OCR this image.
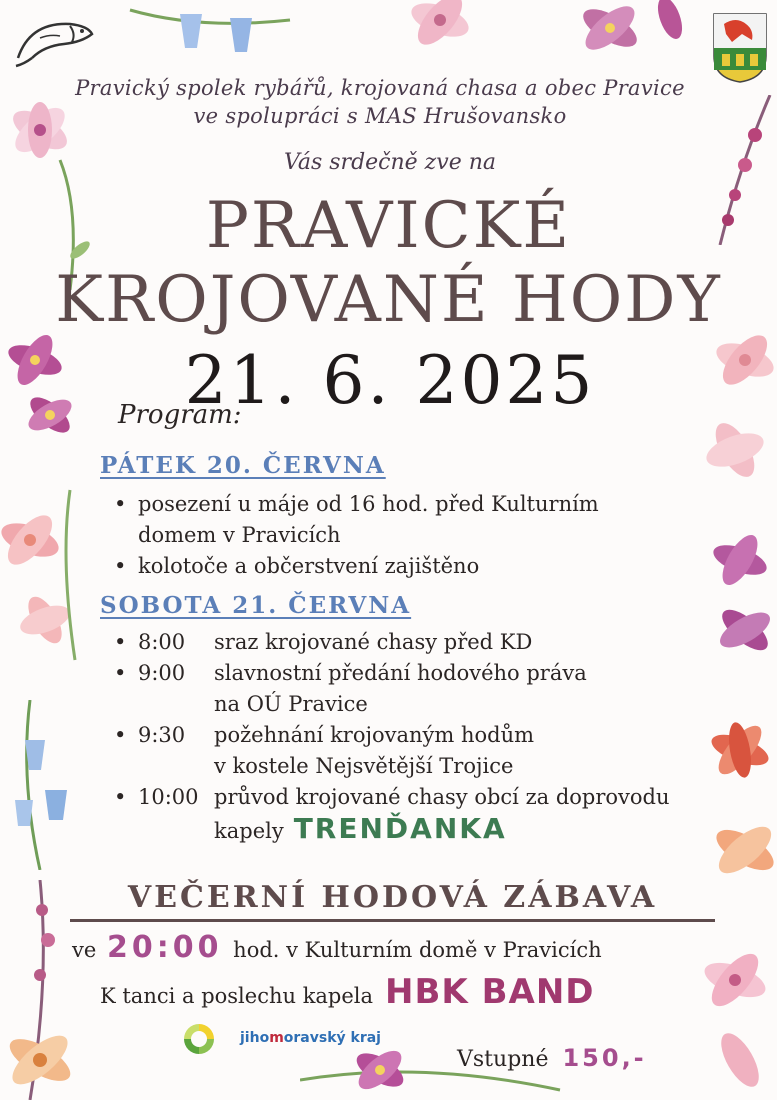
Pravický spolek rybářů, krojovaná chasa a obec Pravice ve spolupráci s MAS Hrušovansko
Vás srdečně zve na
PRAVICKÉ
KROJOVANÉ HODY
21. 6. 2025
Program:
PÁTEK 20. ČERVNA
• posezení u máje od 16 hod. před Kulturním
domem v Pravicích
• kolotoče a občerstvení zajištěno
SOBOTA 21. ČERVNA
• 8:00 sraz krojované chasy před KD
• 9:00 slavnostní předání hodového práva
na OÚ Pravice
• 9:30 požehnání krojovaným hodům
v kostele Nejsvětější Trojice
• 10:00 průvod krojované chasy obcí za doprovodu
kapely TRENĎANKA
VEČERNÍ HODOVÁ ZÁBAVA
ve 20:00 hod. v Kulturním domě v Pravicích
K tanci a poslechu kapela HBK BAND
jihomoravský kraj
Vstupné 150,-
